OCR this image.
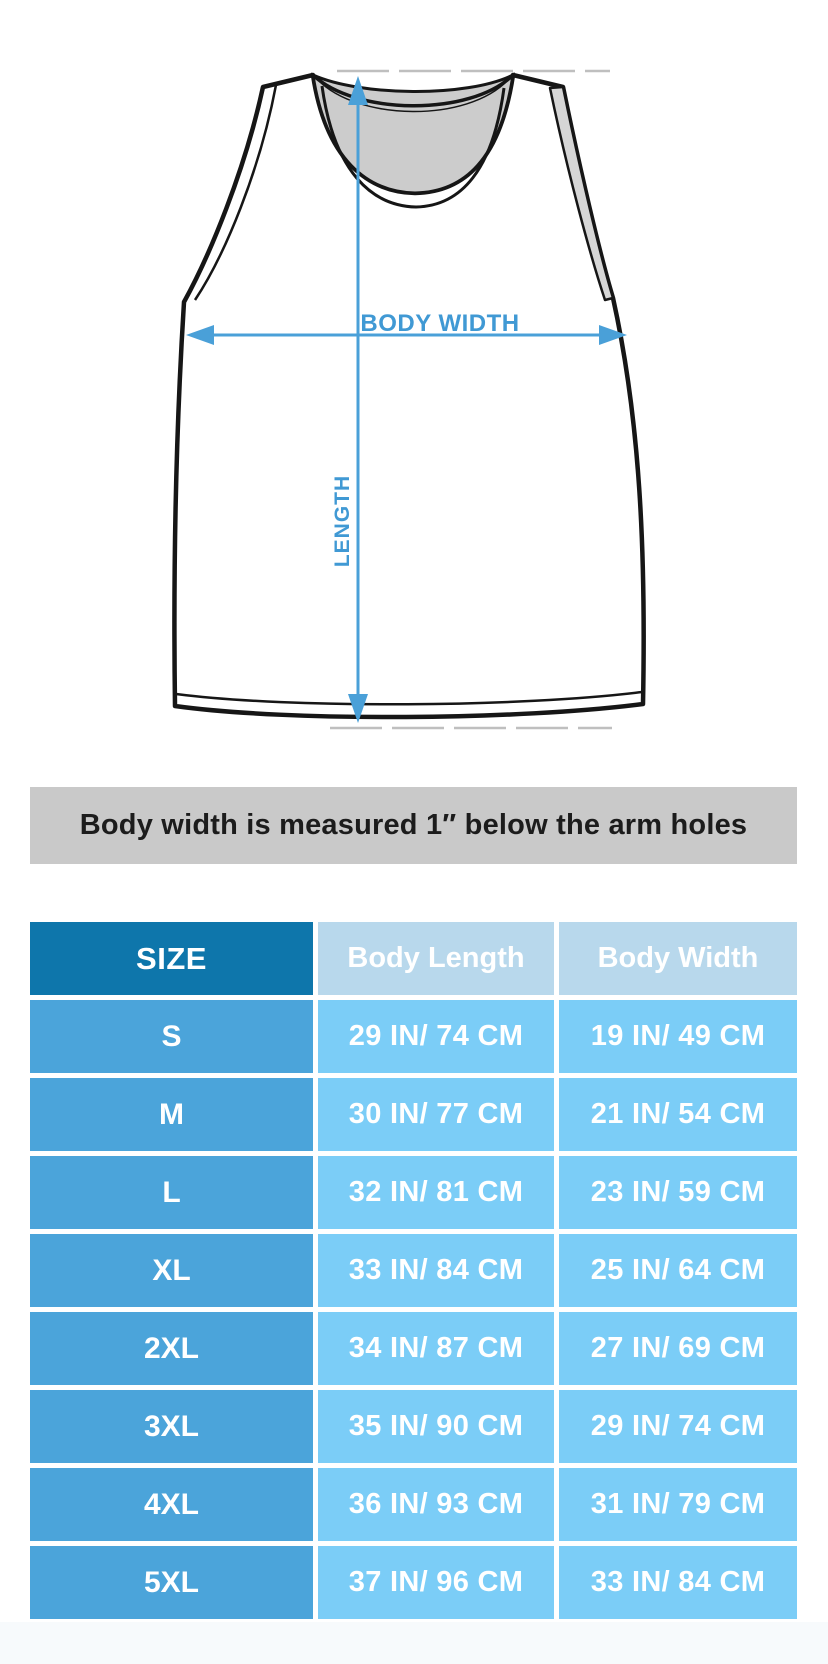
BODY WIDTH
LENGTH
Body width is measured 1″ below the arm holes
SIZE	Body Length	Body Width
S	29 IN/ 74 CM	19 IN/ 49 CM
M	30 IN/ 77 CM	21 IN/ 54 CM
L	32 IN/ 81 CM	23 IN/ 59 CM
XL	33 IN/ 84 CM	25 IN/ 64 CM
2XL	34 IN/ 87 CM	27 IN/ 69 CM
3XL	35 IN/ 90 CM	29 IN/ 74 CM
4XL	36 IN/ 93 CM	31 IN/ 79 CM
5XL	37 IN/ 96 CM	33 IN/ 84 CM
